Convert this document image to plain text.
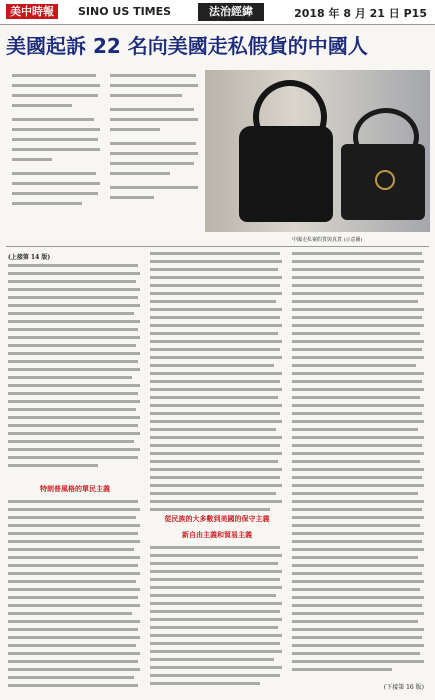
美中時報	SINO US TIMES	法治經緯	2018 年 8 月 21 日 P15
美國起訴 22 名向美國走私假貨的中國人
中國走私案假貨與真貨 (示意圖)
(上接第 14 版)
特朗普風格的單民主義
新自由主義和貿易主義
(下接第 16 版)
從民族的大多數到美國的保守主義
